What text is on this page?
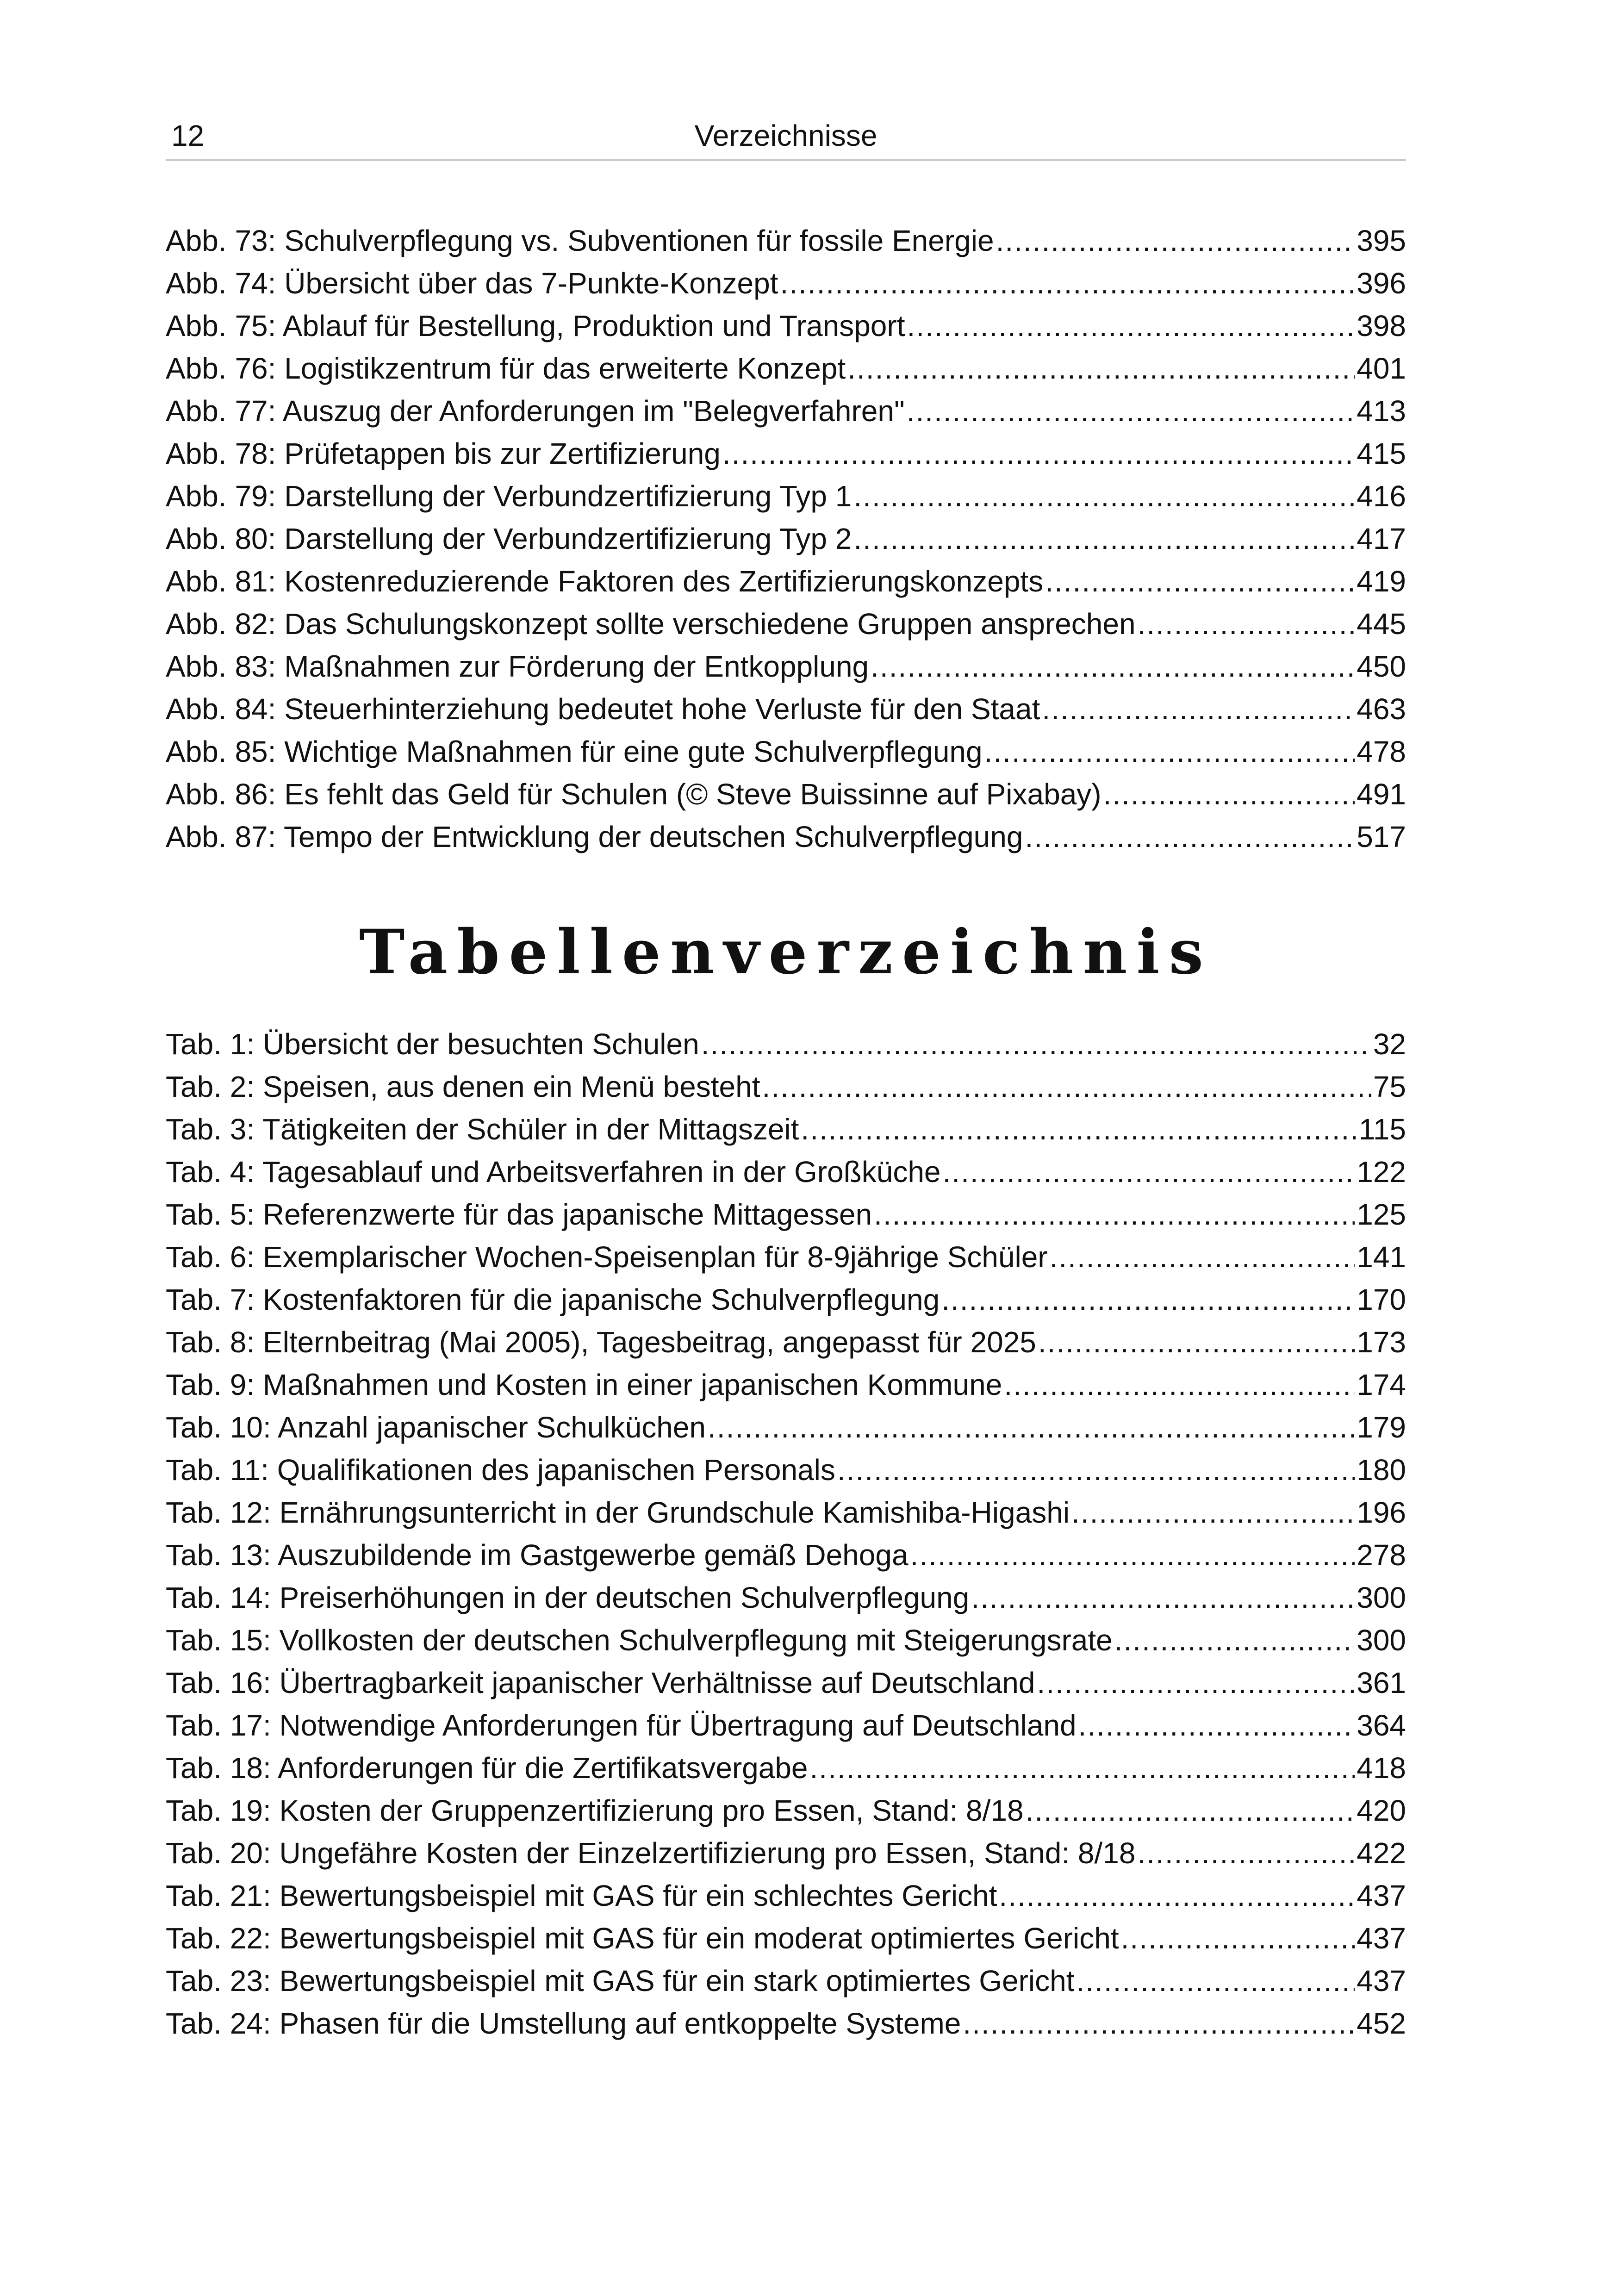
12	Verzeichnisse
Abb. 73: Schulverpflegung vs. Subventionen für fossile Energie .....	395
Abb. 74: Übersicht über das 7-Punkte-Konzept .....	396
Abb. 75: Ablauf für Bestellung, Produktion und Transport .....	398
Abb. 76: Logistikzentrum für das erweiterte Konzept .....	401
Abb. 77: Auszug der Anforderungen im "Belegverfahren" .....	413
Abb. 78: Prüfetappen bis zur Zertifizierung .....	415
Abb. 79: Darstellung der Verbundzertifizierung Typ 1 .....	416
Abb. 80: Darstellung der Verbundzertifizierung Typ 2 .....	417
Abb. 81: Kostenreduzierende Faktoren des Zertifizierungskonzepts .....	419
Abb. 82: Das Schulungskonzept sollte verschiedene Gruppen ansprechen .....	445
Abb. 83: Maßnahmen zur Förderung der Entkopplung .....	450
Abb. 84: Steuerhinterziehung bedeutet hohe Verluste für den Staat .....	463
Abb. 85: Wichtige Maßnahmen für eine gute Schulverpflegung .....	478
Abb. 86: Es fehlt das Geld für Schulen (© Steve Buissinne auf Pixabay) .....	491
Abb. 87: Tempo der Entwicklung der deutschen Schulverpflegung .....	517
Tabellenverzeichnis
Tab. 1: Übersicht der besuchten Schulen .....	32
Tab. 2: Speisen, aus denen ein Menü besteht .....	75
Tab. 3: Tätigkeiten der Schüler in der Mittagszeit .....	115
Tab. 4: Tagesablauf und Arbeitsverfahren in der Großküche .....	122
Tab. 5: Referenzwerte für das japanische Mittagessen .....	125
Tab. 6: Exemplarischer Wochen-Speisenplan für 8-9jährige Schüler .....	141
Tab. 7: Kostenfaktoren für die japanische Schulverpflegung .....	170
Tab. 8: Elternbeitrag (Mai 2005), Tagesbeitrag, angepasst für 2025 .....	173
Tab. 9: Maßnahmen und Kosten in einer japanischen Kommune .....	174
Tab. 10: Anzahl japanischer Schulküchen .....	179
Tab. 11: Qualifikationen des japanischen Personals .....	180
Tab. 12: Ernährungsunterricht in der Grundschule Kamishiba-Higashi .....	196
Tab. 13: Auszubildende im Gastgewerbe gemäß Dehoga .....	278
Tab. 14: Preiserhöhungen in der deutschen Schulverpflegung .....	300
Tab. 15: Vollkosten der deutschen Schulverpflegung mit Steigerungsrate .....	300
Tab. 16: Übertragbarkeit japanischer Verhältnisse auf Deutschland .....	361
Tab. 17: Notwendige Anforderungen für Übertragung auf Deutschland .....	364
Tab. 18: Anforderungen für die Zertifikatsvergabe .....	418
Tab. 19: Kosten der Gruppenzertifizierung pro Essen, Stand: 8/18 .....	420
Tab. 20: Ungefähre Kosten der Einzelzertifizierung pro Essen, Stand: 8/18 .....	422
Tab. 21: Bewertungsbeispiel mit GAS für ein schlechtes Gericht .....	437
Tab. 22: Bewertungsbeispiel mit GAS für ein moderat optimiertes Gericht .....	437
Tab. 23: Bewertungsbeispiel mit GAS für ein stark optimiertes Gericht .....	437
Tab. 24: Phasen für die Umstellung auf entkoppelte Systeme .....	452
